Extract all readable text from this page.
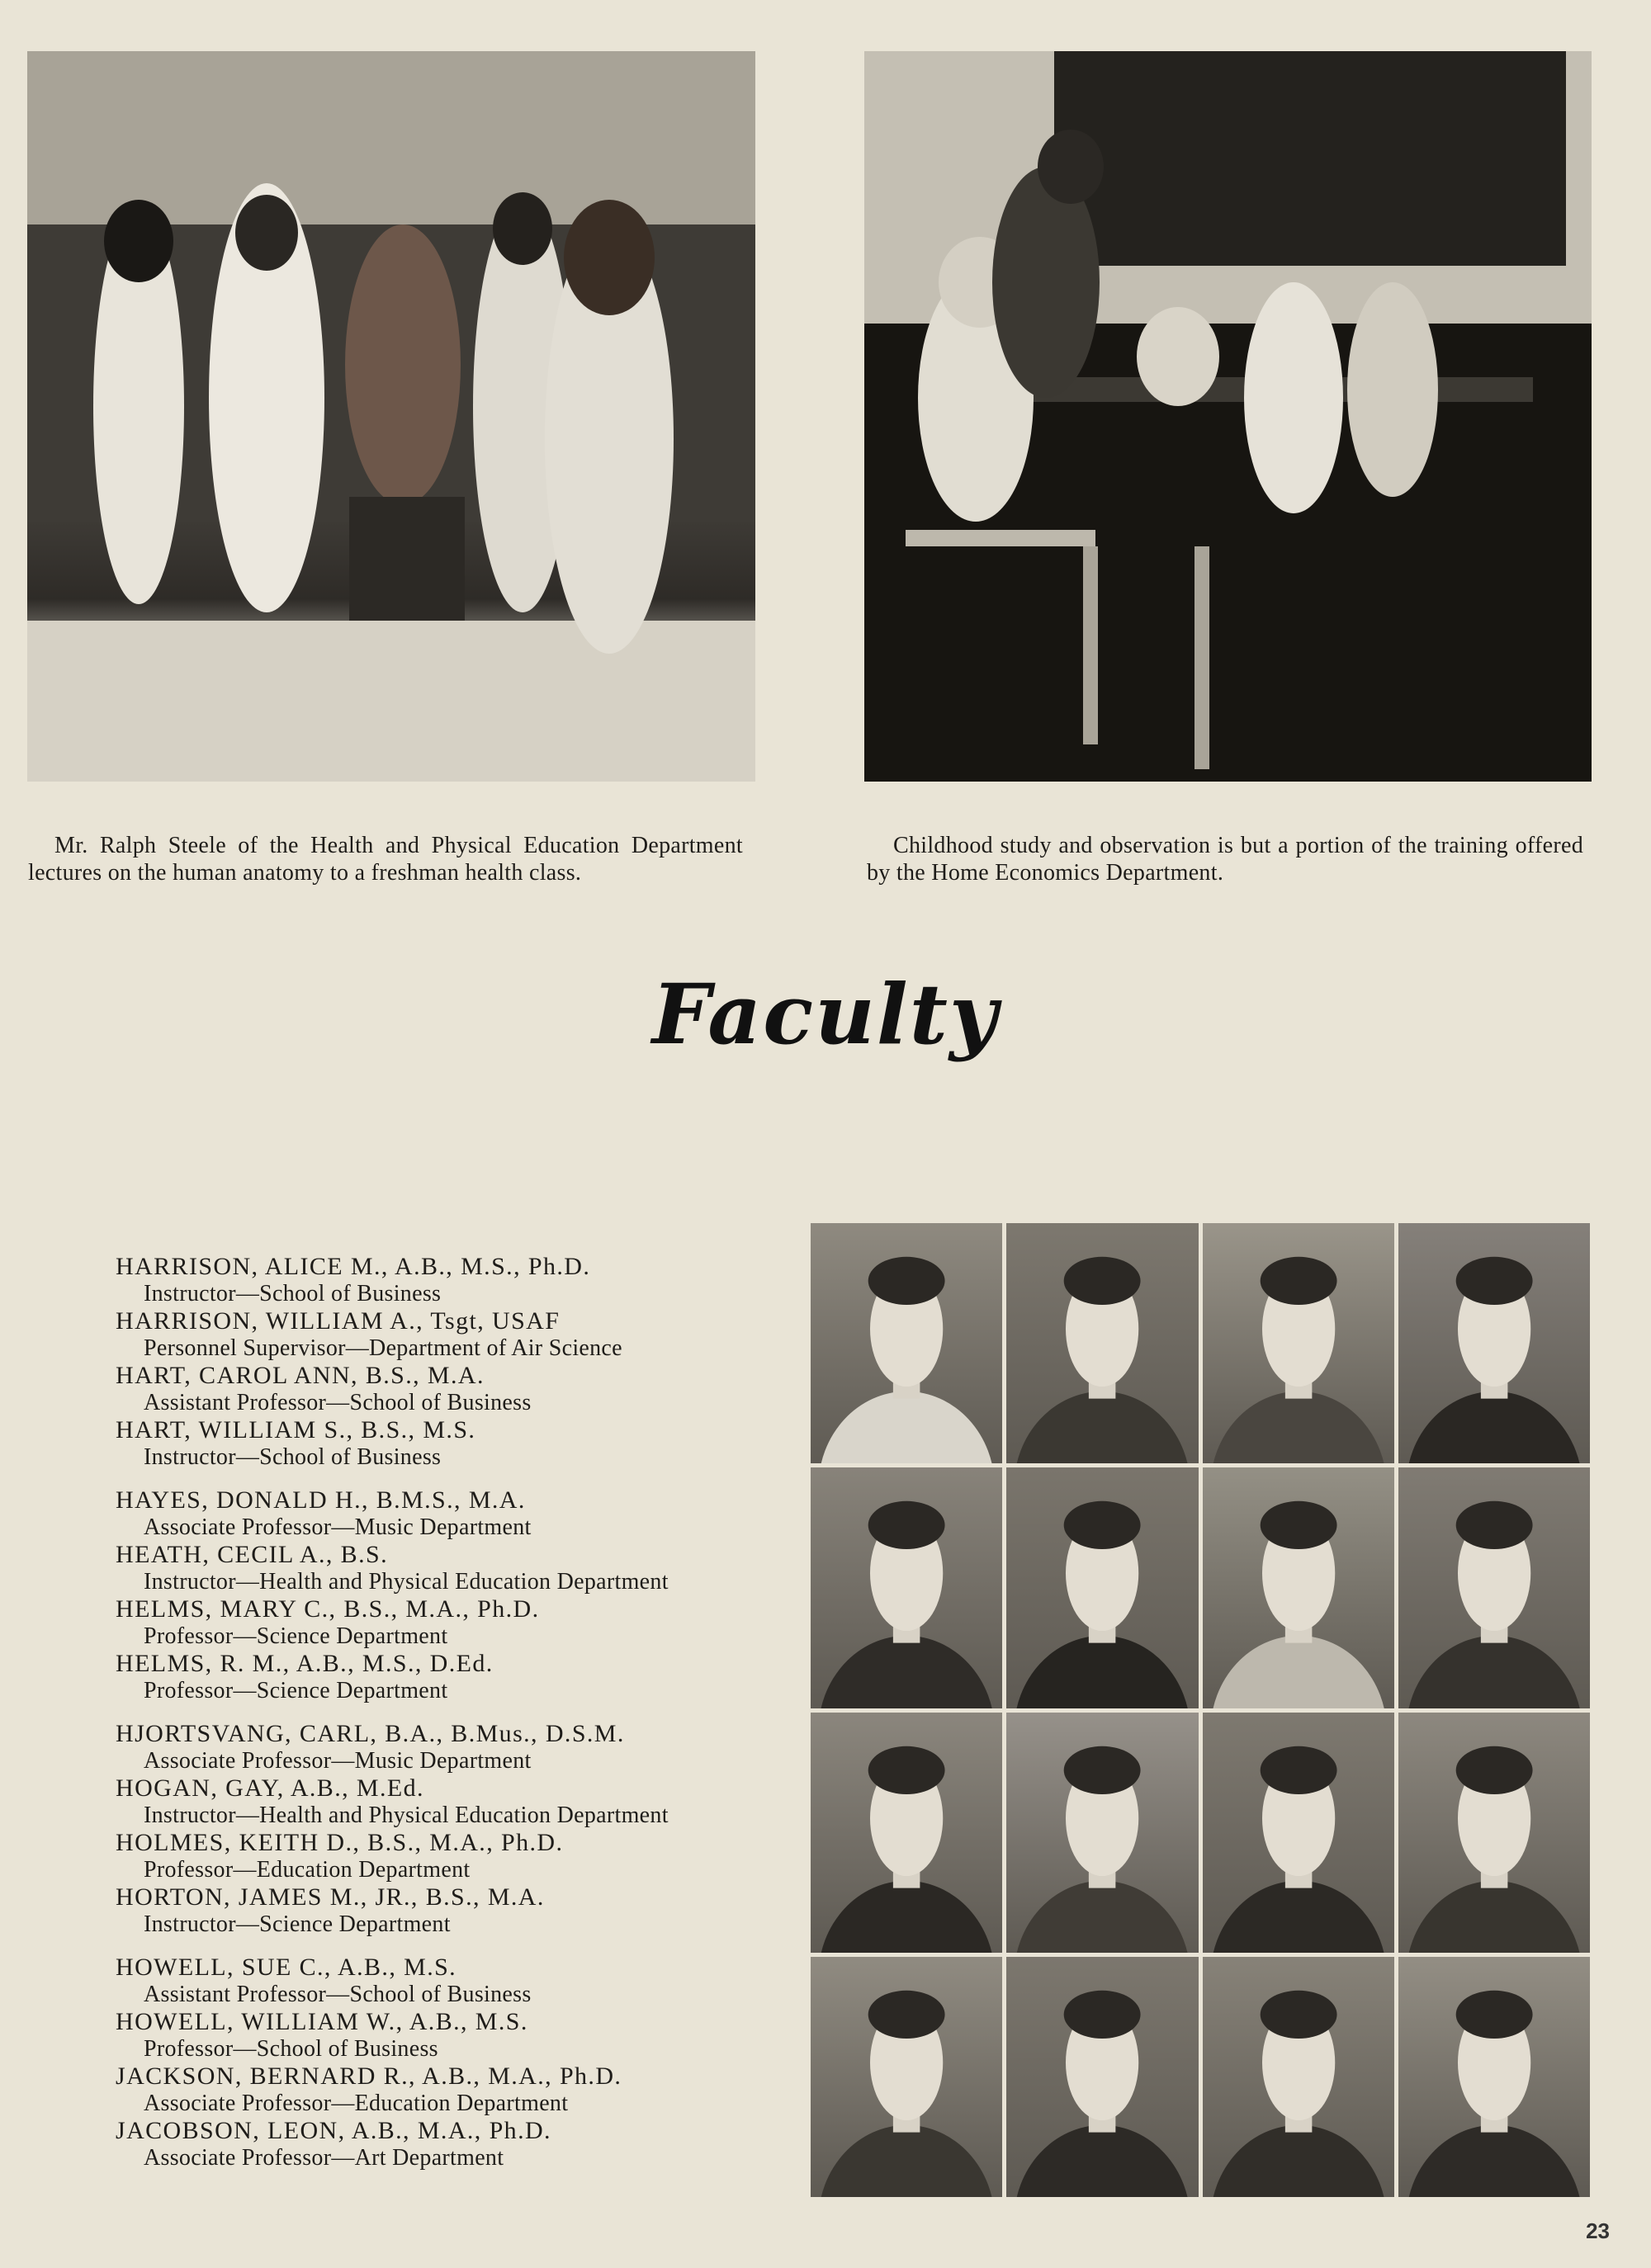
Mr. Ralph Steele of the Health and Physical Education Department lectures on the human anatomy to a freshman health class.

Childhood study and observation is but a portion of the training offered by the Home Economics Department.

Faculty
HARRISON, ALICE M., A.B., M.S., Ph.D.
Instructor—School of Business
HARRISON, WILLIAM A., Tsgt, USAF
Personnel Supervisor—Department of Air Science
HART, CAROL ANN, B.S., M.A.
Assistant Professor—School of Business
HART, WILLIAM S., B.S., M.S.
Instructor—School of Business
HAYES, DONALD H., B.M.S., M.A.
Associate Professor—Music Department
HEATH, CECIL A., B.S.
Instructor—Health and Physical Education Department
HELMS, MARY C., B.S., M.A., Ph.D.
Professor—Science Department
HELMS, R. M., A.B., M.S., D.Ed.
Professor—Science Department
HJORTSVANG, CARL, B.A., B.Mus., D.S.M.
Associate Professor—Music Department
HOGAN, GAY, A.B., M.Ed.
Instructor—Health and Physical Education Department
HOLMES, KEITH D., B.S., M.A., Ph.D.
Professor—Education Department
HORTON, JAMES M., JR., B.S., M.A.
Instructor—Science Department
HOWELL, SUE C., A.B., M.S.
Assistant Professor—School of Business
HOWELL, WILLIAM W., A.B., M.S.
Professor—School of Business
JACKSON, BERNARD R., A.B., M.A., Ph.D.
Associate Professor—Education Department
JACOBSON, LEON, A.B., M.A., Ph.D.
Associate Professor—Art Department
23
